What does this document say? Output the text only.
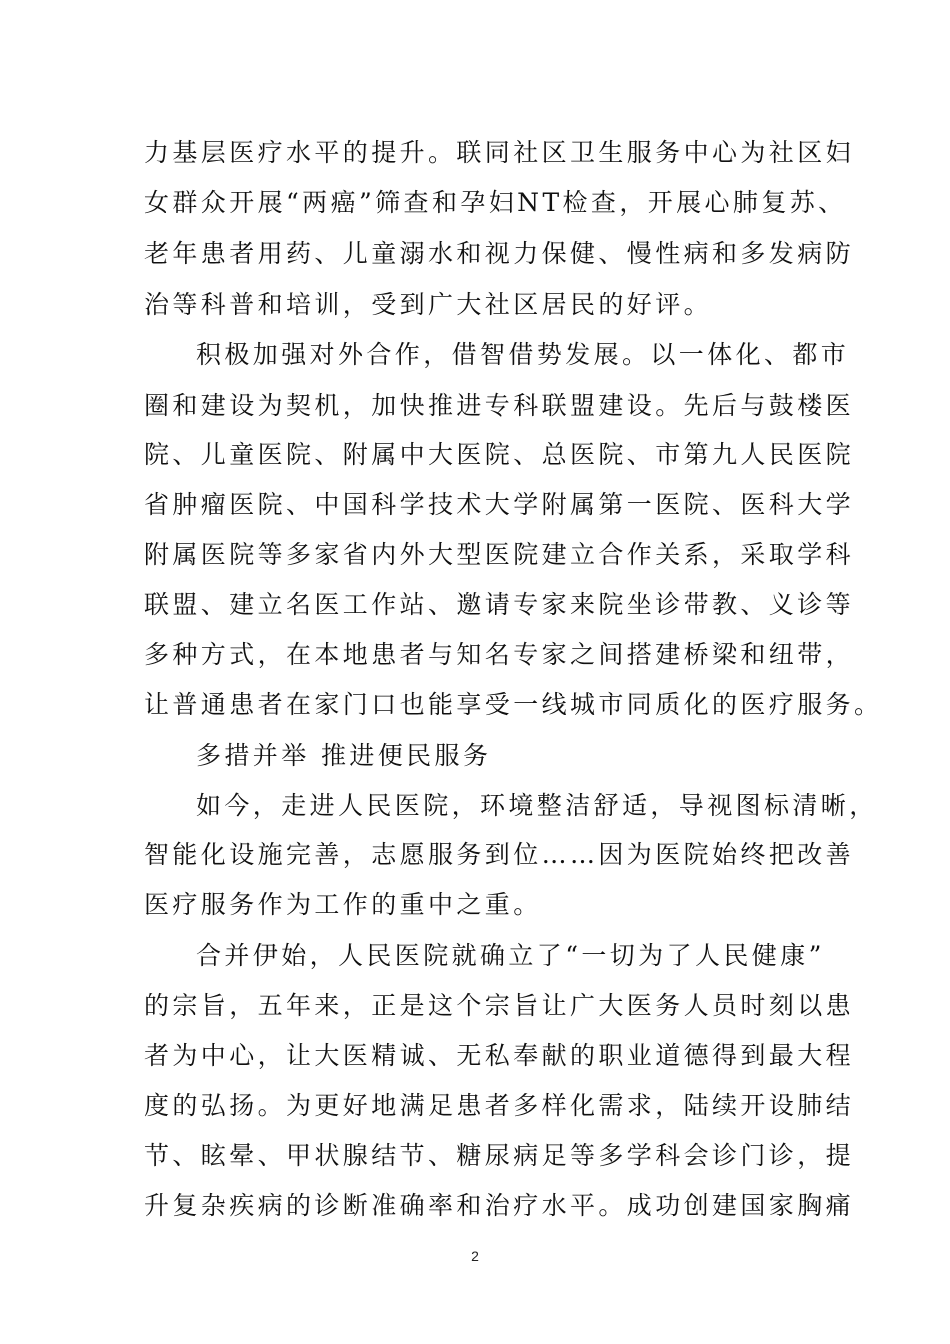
力基层医疗水平的提升。联同社区卫生服务中心为社区妇
女群众开展“两癌”筛查和孕妇NT检查，开展心肺复苏、
老年患者用药、儿童溺水和视力保健、慢性病和多发病防
治等科普和培训，受到广大社区居民的好评。
积极加强对外合作，借智借势发展。以一体化、都市
圈和建设为契机，加快推进专科联盟建设。先后与鼓楼医
院、儿童医院、附属中大医院、总医院、市第九人民医院
省肿瘤医院、中国科学技术大学附属第一医院、医科大学
附属医院等多家省内外大型医院建立合作关系，采取学科
联盟、建立名医工作站、邀请专家来院坐诊带教、义诊等
多种方式，在本地患者与知名专家之间搭建桥梁和纽带，
让普通患者在家门口也能享受一线城市同质化的医疗服务。
多措并举 推进便民服务
如今，走进人民医院，环境整洁舒适，导视图标清晰，
智能化设施完善，志愿服务到位……因为医院始终把改善
医疗服务作为工作的重中之重。
合并伊始，人民医院就确立了“一切为了人民健康”
的宗旨，五年来，正是这个宗旨让广大医务人员时刻以患
者为中心，让大医精诚、无私奉献的职业道德得到最大程
度的弘扬。为更好地满足患者多样化需求，陆续开设肺结
节、眩晕、甲状腺结节、糖尿病足等多学科会诊门诊，提
升复杂疾病的诊断准确率和治疗水平。成功创建国家胸痛
2
